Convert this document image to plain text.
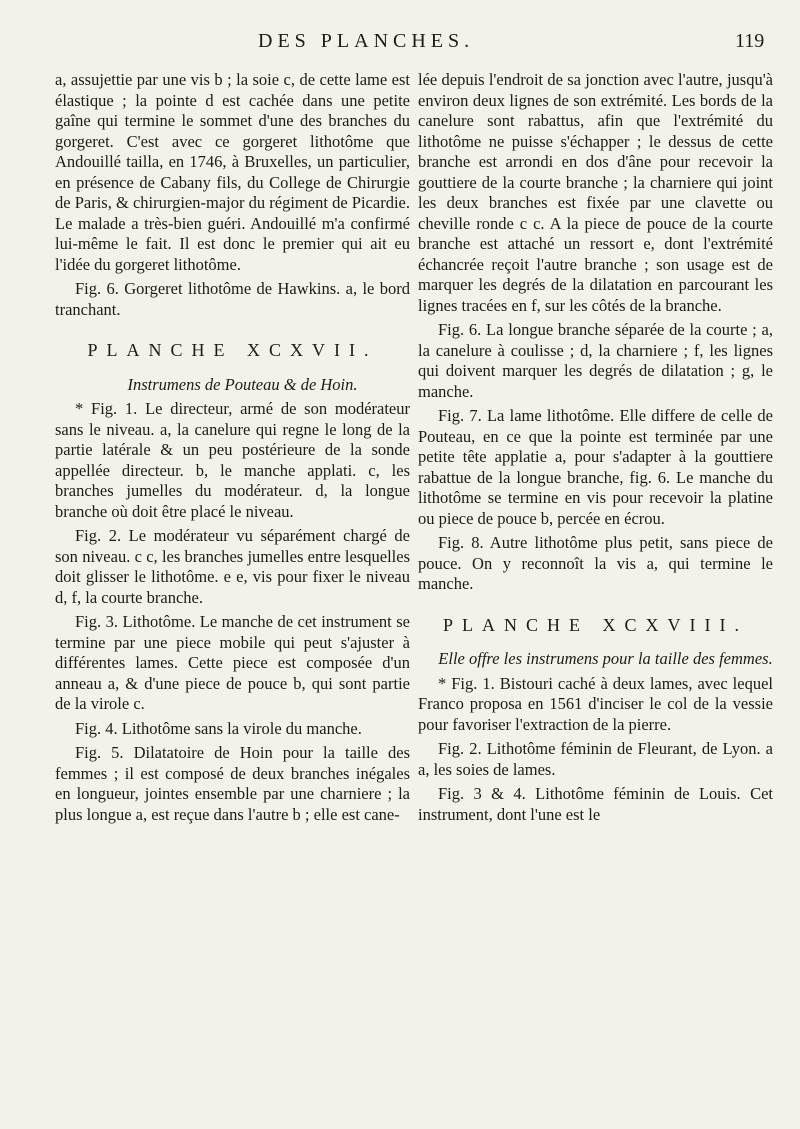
DES PLANCHES.	119

a, assujettie par une vis b ; la soie c, de cette lame est élastique ; la pointe d est cachée dans une petite gaîne qui termine le sommet d'une des branches du gorgeret. C'est avec ce gorgeret lithotôme que Andouillé tailla, en 1746, à Bruxelles, un particulier, en présence de Cabany fils, du College de Chirurgie de Paris, & chirurgien-major du régiment de Picardie. Le malade a très-bien guéri. Andouillé m'a confirmé lui-même le fait. Il est donc le premier qui ait eu l'idée du gorgeret lithotôme.

Fig. 6. Gorgeret lithotôme de Hawkins. a, le bord tranchant.

PLANCHE XCXVII.

Instrumens de Pouteau & de Hoin.

* Fig. 1. Le directeur, armé de son modérateur sans le niveau. a, la canelure qui regne le long de la partie latérale & un peu postérieure de la sonde appellée directeur. b, le manche applati. c, les branches jumelles du modérateur. d, la longue branche où doit être placé le niveau.

Fig. 2. Le modérateur vu séparément chargé de son niveau. c c, les branches jumelles entre lesquelles doit glisser le lithotôme. e e, vis pour fixer le niveau d, f, la courte branche.

Fig. 3. Lithotôme. Le manche de cet instrument se termine par une piece mobile qui peut s'ajuster à différentes lames. Cette piece est composée d'un anneau a, & d'une piece de pouce b, qui sont partie de la virole c.

Fig. 4. Lithotôme sans la virole du manche.

Fig. 5. Dilatatoire de Hoin pour la taille des femmes ; il est composé de deux branches inégales en longueur, jointes ensemble par une charniere ; la plus longue a, est reçue dans l'autre b ; elle est cane-

lée depuis l'endroit de sa jonction avec l'autre, jusqu'à environ deux lignes de son extrémité. Les bords de la canelure sont rabattus, afin que l'extrémité du lithotôme ne puisse s'échapper ; le dessus de cette branche est arrondi en dos d'âne pour recevoir la gouttiere de la courte branche ; la charniere qui joint les deux branches est fixée par une clavette ou cheville ronde c c. A la piece de pouce de la courte branche est attaché un ressort e, dont l'extrémité échancrée reçoit l'autre branche ; son usage est de marquer les degrés de la dilatation en parcourant les lignes tracées en f, sur les côtés de la branche.

Fig. 6. La longue branche séparée de la courte ; a, la canelure à coulisse ; d, la charniere ; f, les lignes qui doivent marquer les degrés de dilatation ; g, le manche.

Fig. 7. La lame lithotôme. Elle differe de celle de Pouteau, en ce que la pointe est terminée par une petite tête applatie a, pour s'adapter à la gouttiere rabattue de la longue branche, fig. 6. Le manche du lithotôme se termine en vis pour recevoir la platine ou piece de pouce b, percée en écrou.

Fig. 8. Autre lithotôme plus petit, sans piece de pouce. On y reconnoît la vis a, qui termine le manche.

PLANCHE XCXVIII.

Elle offre les instrumens pour la taille des femmes.

* Fig. 1. Bistouri caché à deux lames, avec lequel Franco proposa en 1561 d'inciser le col de la vessie pour favoriser l'extraction de la pierre.

Fig. 2. Lithotôme féminin de Fleurant, de Lyon. a a, les soies de lames.

Fig. 3 & 4. Lithotôme féminin de Louis. Cet instrument, dont l'une est le
